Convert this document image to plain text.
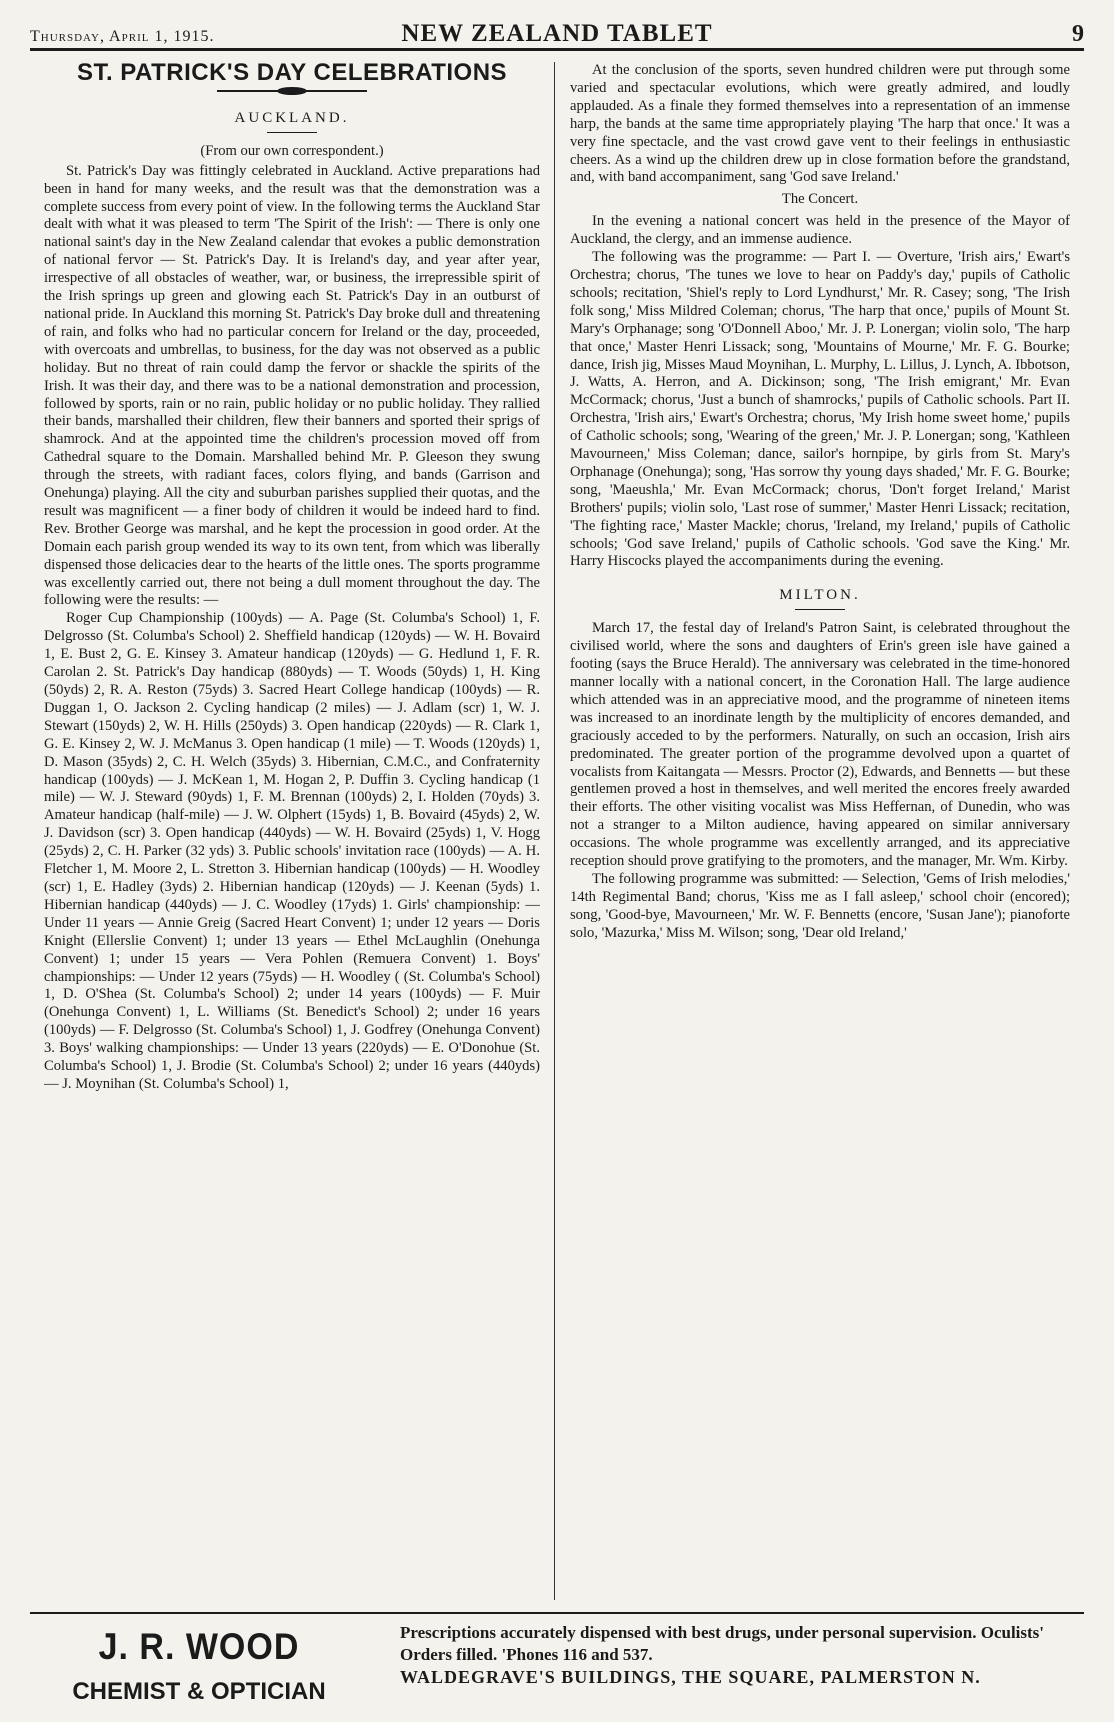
Thursday, April 1, 1915.	NEW ZEALAND TABLET	9
ST. PATRICK'S DAY CELEBRATIONS
AUCKLAND.
(From our own correspondent.)

St. Patrick's Day was fittingly celebrated in Auckland. Active preparations had been in hand for many weeks, and the result was that the demonstration was a complete success from every point of view. In the following terms the Auckland Star dealt with what it was pleased to term 'The Spirit of the Irish': — There is only one national saint's day in the New Zealand calendar that evokes a public demonstration of national fervor — St. Patrick's Day. It is Ireland's day, and year after year, irrespective of all obstacles of weather, war, or business, the irrepressible spirit of the Irish springs up green and glowing each St. Patrick's Day in an outburst of national pride. In Auckland this morning St. Patrick's Day broke dull and threatening of rain, and folks who had no particular concern for Ireland or the day, proceeded, with overcoats and umbrellas, to business, for the day was not observed as a public holiday. But no threat of rain could damp the fervor or shackle the spirits of the Irish. It was their day, and there was to be a national demonstration and procession, followed by sports, rain or no rain, public holiday or no public holiday. They rallied their bands, marshalled their children, flew their banners and sported their sprigs of shamrock. And at the appointed time the children's procession moved off from Cathedral square to the Domain. Marshalled behind Mr. P. Gleeson they swung through the streets, with radiant faces, colors flying, and bands (Garrison and Onehunga) playing. All the city and suburban parishes supplied their quotas, and the result was magnificent — a finer body of children it would be indeed hard to find. Rev. Brother George was marshal, and he kept the procession in good order. At the Domain each parish group wended its way to its own tent, from which was liberally dispensed those delicacies dear to the hearts of the little ones. The sports programme was excellently carried out, there not being a dull moment throughout the day. The following were the results: —

Roger Cup Championship (100yds) — A. Page (St. Columba's School) 1, F. Delgrosso (St. Columba's School) 2. Sheffield handicap (120yds) — W. H. Bovaird 1, E. Bust 2, G. E. Kinsey 3. Amateur handicap (120yds) — G. Hedlund 1, F. R. Carolan 2. St. Patrick's Day handicap (880yds) — T. Woods (50yds) 1, H. King (50yds) 2, R. A. Reston (75yds) 3. Sacred Heart College handicap (100yds) — R. Duggan 1, O. Jackson 2. Cycling handicap (2 miles) — J. Adlam (scr) 1, W. J. Stewart (150yds) 2, W. H. Hills (250yds) 3. Open handicap (220yds) — R. Clark 1, G. E. Kinsey 2, W. J. McManus 3. Open handicap (1 mile) — T. Woods (120yds) 1, D. Mason (35yds) 2, C. H. Welch (35yds) 3. Hibernian, C.M.C., and Confraternity handicap (100yds) — J. McKean 1, M. Hogan 2, P. Duffin 3. Cycling handicap (1 mile) — W. J. Steward (90yds) 1, F. M. Brennan (100yds) 2, I. Holden (70yds) 3. Amateur handicap (half-mile) — J. W. Olphert (15yds) 1, B. Bovaird (45yds) 2, W. J. Davidson (scr) 3. Open handicap (440yds) — W. H. Bovaird (25yds) 1, V. Hogg (25yds) 2, C. H. Parker (32 yds) 3. Public schools' invitation race (100yds) — A. H. Fletcher 1, M. Moore 2, L. Stretton 3. Hibernian handicap (100yds) — H. Woodley (scr) 1, E. Hadley (3yds) 2. Hibernian handicap (120yds) — J. Keenan (5yds) 1. Hibernian handicap (440yds) — J. C. Woodley (17yds) 1. Girls' championship: — Under 11 years — Annie Greig (Sacred Heart Convent) 1; under 12 years — Doris Knight (Ellerslie Convent) 1; under 13 years — Ethel McLaughlin (Onehunga Convent) 1; under 15 years — Vera Pohlen (Remuera Convent) 1. Boys' championships: — Under 12 years (75yds) — H. Woodley ( (St. Columba's School) 1, D. O'Shea (St. Columba's School) 2; under 14 years (100yds) — F. Muir (Onehunga Convent) 1, L. Williams (St. Benedict's School) 2; under 16 years (100yds) — F. Delgrosso (St. Columba's School) 1, J. Godfrey (Onehunga Convent) 3. Boys' walking championships: — Under 13 years (220yds) — E. O'Donohue (St. Columba's School) 1, J. Brodie (St. Columba's School) 2; under 16 years (440yds) — J. Moynihan (St. Columba's School) 1,

At the conclusion of the sports, seven hundred children were put through some varied and spectacular evolutions, which were greatly admired, and loudly applauded. As a finale they formed themselves into a representation of an immense harp, the bands at the same time appropriately playing 'The harp that once.' It was a very fine spectacle, and the vast crowd gave vent to their feelings in enthusiastic cheers. As a wind up the children drew up in close formation before the grandstand, and, with band accompaniment, sang 'God save Ireland.'

The Concert.

In the evening a national concert was held in the presence of the Mayor of Auckland, the clergy, and an immense audience.

The following was the programme: — Part I. — Overture, 'Irish airs,' Ewart's Orchestra; chorus, 'The tunes we love to hear on Paddy's day,' pupils of Catholic schools; recitation, 'Shiel's reply to Lord Lyndhurst,' Mr. R. Casey; song, 'The Irish folk song,' Miss Mildred Coleman; chorus, 'The harp that once,' pupils of Mount St. Mary's Orphanage; song 'O'Donnell Aboo,' Mr. J. P. Lonergan; violin solo, 'The harp that once,' Master Henri Lissack; song, 'Mountains of Mourne,' Mr. F. G. Bourke; dance, Irish jig, Misses Maud Moynihan, L. Murphy, L. Lillus, J. Lynch, A. Ibbotson, J. Watts, A. Herron, and A. Dickinson; song, 'The Irish emigrant,' Mr. Evan McCormack; chorus, 'Just a bunch of shamrocks,' pupils of Catholic schools. Part II. Orchestra, 'Irish airs,' Ewart's Orchestra; chorus, 'My Irish home sweet home,' pupils of Catholic schools; song, 'Wearing of the green,' Mr. J. P. Lonergan; song, 'Kathleen Mavourneen,' Miss Coleman; dance, sailor's hornpipe, by girls from St. Mary's Orphanage (Onehunga); song, 'Has sorrow thy young days shaded,' Mr. F. G. Bourke; song, 'Maeushla,' Mr. Evan McCormack; chorus, 'Don't forget Ireland,' Marist Brothers' pupils; violin solo, 'Last rose of summer,' Master Henri Lissack; recitation, 'The fighting race,' Master Mackle; chorus, 'Ireland, my Ireland,' pupils of Catholic schools; 'God save Ireland,' pupils of Catholic schools. 'God save the King.' Mr. Harry Hiscocks played the accompaniments during the evening.

MILTON.

March 17, the festal day of Ireland's Patron Saint, is celebrated throughout the civilised world, where the sons and daughters of Erin's green isle have gained a footing (says the Bruce Herald). The anniversary was celebrated in the time-honored manner locally with a national concert, in the Coronation Hall. The large audience which attended was in an appreciative mood, and the programme of nineteen items was increased to an inordinate length by the multiplicity of encores demanded, and graciously acceded to by the performers. Naturally, on such an occasion, Irish airs predominated. The greater portion of the programme devolved upon a quartet of vocalists from Kaitangata — Messrs. Proctor (2), Edwards, and Bennetts — but these gentlemen proved a host in themselves, and well merited the encores freely awarded their efforts. The other visiting vocalist was Miss Heffernan, of Dunedin, who was not a stranger to a Milton audience, having appeared on similar anniversary occasions. The whole programme was excellently arranged, and its appreciative reception should prove gratifying to the promoters, and the manager, Mr. Wm. Kirby.

The following programme was submitted: — Selection, 'Gems of Irish melodies,' 14th Regimental Band; chorus, 'Kiss me as I fall asleep,' school choir (encored); song, 'Good-bye, Mavourneen,' Mr. W. F. Bennetts (encore, 'Susan Jane'); pianoforte solo, 'Mazurka,' Miss M. Wilson; song, 'Dear old Ireland,'

J. R. WOOD
CHEMIST & OPTICIAN
Prescriptions accurately dispensed with best drugs, under personal supervision. Oculists' Orders filled. 'Phones 116 and 537.
WALDEGRAVE'S BUILDINGS, THE SQUARE, PALMERSTON N.
